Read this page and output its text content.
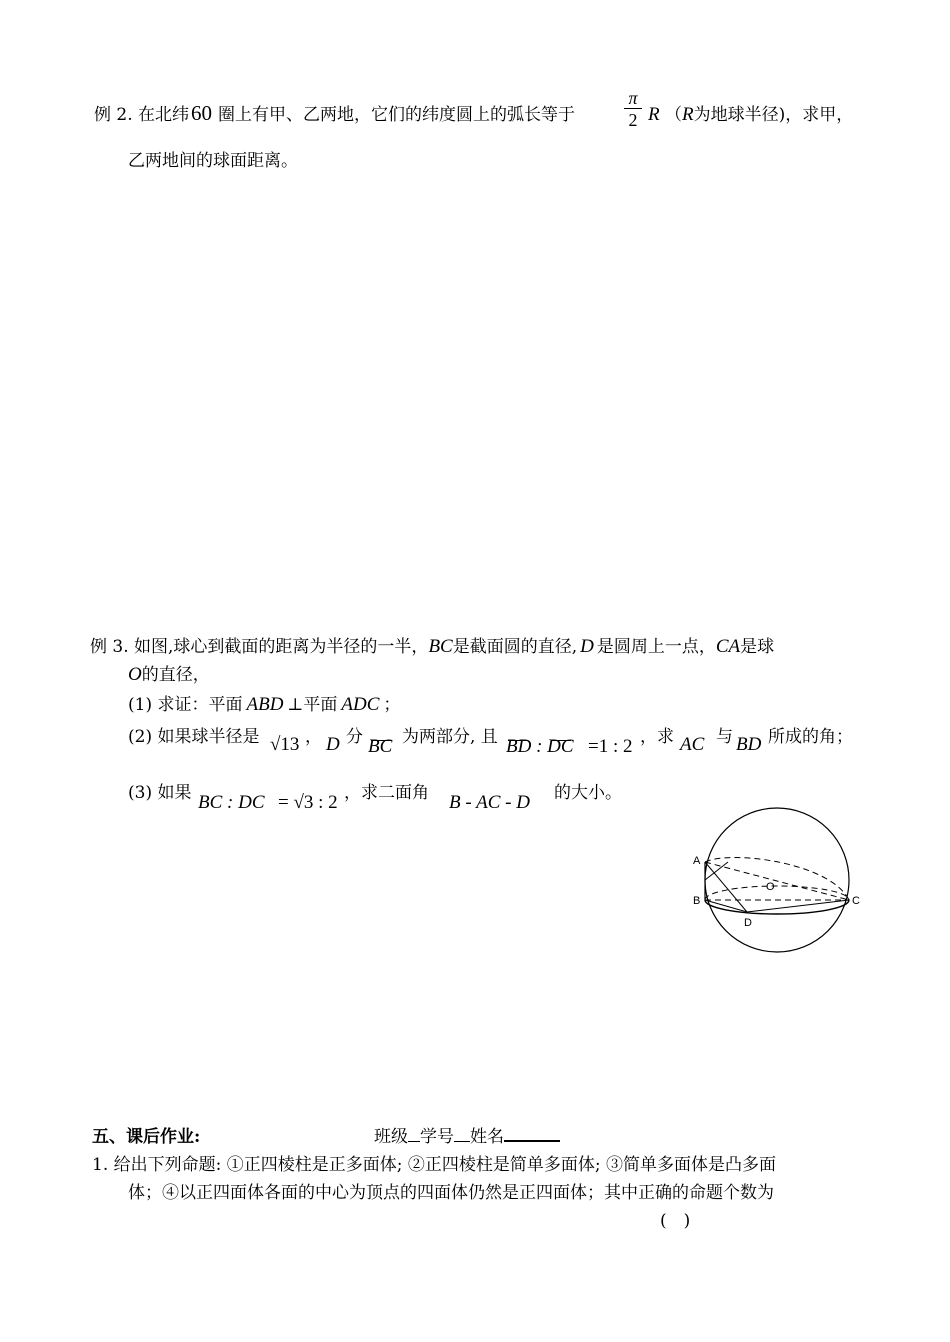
例 2. 在北纬60 圈上有甲、乙两地，它们的纬度圆上的弧长等于	$\frac{\pi}{2}$ R （R为地球半径)，求甲，
乙两地间的球面距离。
例 3. 如图,球心到截面的距离为半径的一半，BC是截面圆的直径, D 是圆周上一点，CA是球
O的直径，
(1) 求证：平面 ABD ⊥平面 ADC ；
(2) 如果球半径是 √13 ， D 分 BC 为两部分, 且 BD : DC =1 : 2 ，求 AC 与 BD 所成的角；
(3) 如果 BC : DC = √3 : 2 ，求二面角 B - AC - D 的大小。
A
B	C
D
O
五、课后作业:	班级 学号 姓名
1. 给出下列命题: ①正四棱柱是正多面体; ②正四棱柱是简单多面体; ③简单多面体是凸多面
体；④以正四面体各面的中心为顶点的四面体仍然是正四面体；其中正确的命题个数为
(　)
